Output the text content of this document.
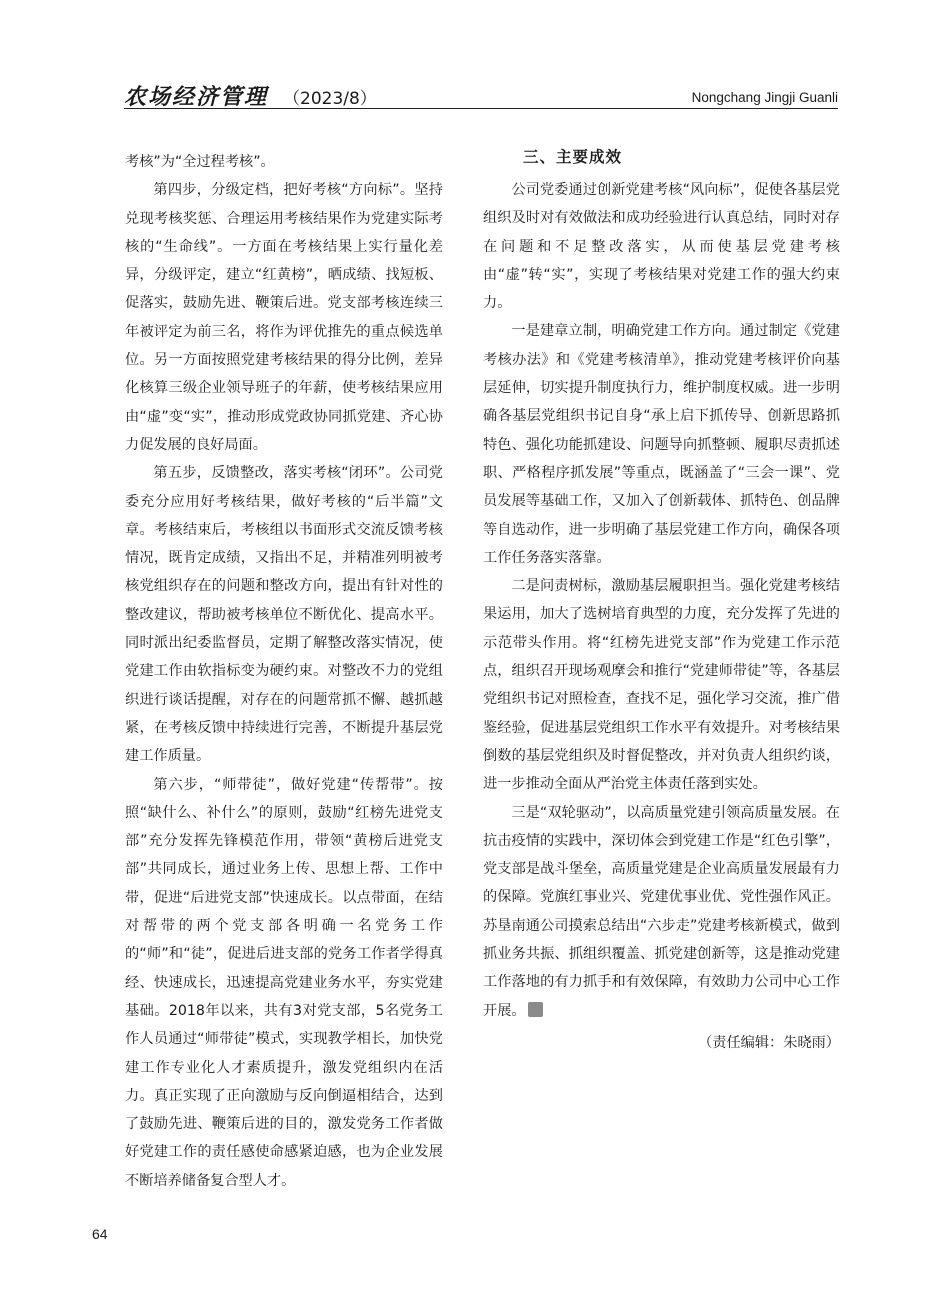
农场经济管理 （2023/8）	Nongchang Jingji Guanli

考核”为“全过程考核”。

第四步，分级定档，把好考核“方向标”。坚持兑现考核奖惩、合理运用考核结果作为党建实际考核的“生命线”。一方面在考核结果上实行量化差异，分级评定，建立“红黄榜”，晒成绩、找短板、促落实，鼓励先进、鞭策后进。党支部考核连续三年被评定为前三名，将作为评优推先的重点候选单位。另一方面按照党建考核结果的得分比例，差异化核算三级企业领导班子的年薪，使考核结果应用由“虚”变“实”，推动形成党政协同抓党建、齐心协力促发展的良好局面。

第五步，反馈整改，落实考核“闭环”。公司党委充分应用好考核结果，做好考核的“后半篇”文章。考核结束后，考核组以书面形式交流反馈考核情况，既肯定成绩，又指出不足，并精准列明被考核党组织存在的问题和整改方向，提出有针对性的整改建议，帮助被考核单位不断优化、提高水平。同时派出纪委监督员，定期了解整改落实情况，使党建工作由软指标变为硬约束。对整改不力的党组织进行谈话提醒，对存在的问题常抓不懈、越抓越紧，在考核反馈中持续进行完善，不断提升基层党建工作质量。

第六步，“师带徒”，做好党建“传帮带”。按照“缺什么、补什么”的原则，鼓励“红榜先进党支部”充分发挥先锋模范作用，带领“黄榜后进党支部”共同成长，通过业务上传、思想上帮、工作中带，促进“后进党支部”快速成长。以点带面，在结对帮带的两个党支部各明确一名党务工作的“师”和“徒”，促进后进支部的党务工作者学得真经、快速成长，迅速提高党建业务水平，夯实党建基础。2018年以来，共有3对党支部，5名党务工作人员通过“师带徒”模式，实现教学相长，加快党建工作专业化人才素质提升，激发党组织内在活力。真正实现了正向激励与反向倒逼相结合，达到了鼓励先进、鞭策后进的目的，激发党务工作者做好党建工作的责任感使命感紧迫感，也为企业发展不断培养储备复合型人才。

三、主要成效

公司党委通过创新党建考核“风向标”，促使各基层党组织及时对有效做法和成功经验进行认真总结，同时对存在问题和不足整改落实，从而使基层党建考核由“虚”转“实”，实现了考核结果对党建工作的强大约束力。

一是建章立制，明确党建工作方向。通过制定《党建考核办法》和《党建考核清单》，推动党建考核评价向基层延伸，切实提升制度执行力，维护制度权威。进一步明确各基层党组织书记自身“承上启下抓传导、创新思路抓特色、强化功能抓建设、问题导向抓整顿、履职尽责抓述职、严格程序抓发展”等重点，既涵盖了“三会一课”、党员发展等基础工作，又加入了创新载体、抓特色、创品牌等自选动作，进一步明确了基层党建工作方向，确保各项工作任务落实落靠。

二是问责树标，激励基层履职担当。强化党建考核结果运用，加大了选树培育典型的力度，充分发挥了先进的示范带头作用。将“红榜先进党支部”作为党建工作示范点，组织召开现场观摩会和推行“党建师带徒”等，各基层党组织书记对照检查，查找不足，强化学习交流，推广借鉴经验，促进基层党组织工作水平有效提升。对考核结果倒数的基层党组织及时督促整改，并对负责人组织约谈，进一步推动全面从严治党主体责任落到实处。

三是“双轮驱动”，以高质量党建引领高质量发展。在抗击疫情的实践中，深切体会到党建工作是“红色引擎”，党支部是战斗堡垒，高质量党建是企业高质量发展最有力的保障。党旗红事业兴、党建优事业优、党性强作风正。苏垦南通公司摸索总结出“六步走”党建考核新模式，做到抓业务共振、抓组织覆盖、抓党建创新等，这是推动党建工作落地的有力抓手和有效保障，有效助力公司中心工作开展。

（责任编辑：朱晓雨）

64
